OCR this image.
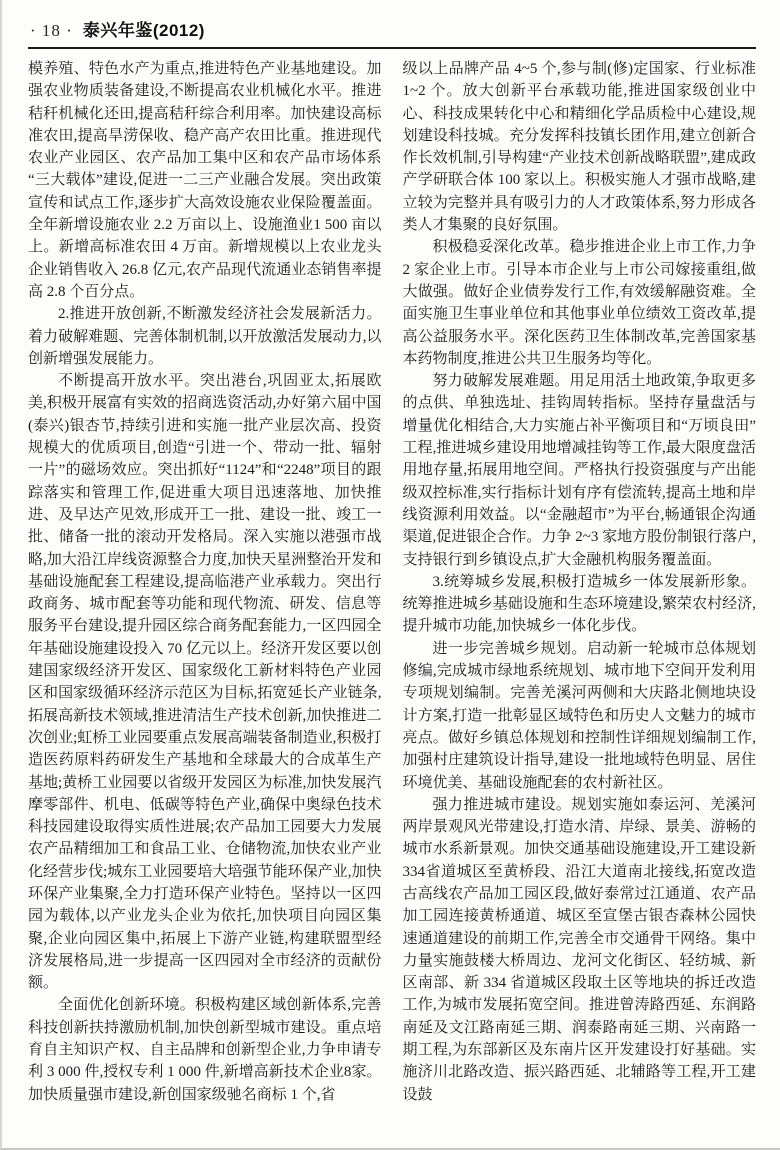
· 18 · 泰兴年鉴(2012)

模养殖、特色水产为重点,推进特色产业基地建设。加强农业物质装备建设,不断提高农业机械化水平。推进秸秆机械化还田,提高秸秆综合利用率。加快建设高标准农田,提高旱涝保收、稳产高产农田比重。推进现代农业产业园区、农产品加工集中区和农产品市场体系“三大载体”建设,促进一二三产业融合发展。突出政策宣传和试点工作,逐步扩大高效设施农业保险覆盖面。全年新增设施农业 2.2 万亩以上、设施渔业1 500 亩以上。新增高标准农田 4 万亩。新增规模以上农业龙头企业销售收入 26.8 亿元,农产品现代流通业态销售率提高 2.8 个百分点。

2.推进开放创新,不断激发经济社会发展新活力。着力破解难题、完善体制机制,以开放激活发展动力,以创新增强发展能力。

不断提高开放水平。突出港台,巩固亚太,拓展欧美,积极开展富有实效的招商选资活动,办好第六届中国(泰兴)银杏节,持续引进和实施一批产业层次高、投资规模大的优质项目,创造“引进一个、带动一批、辐射一片”的磁场效应。突出抓好“1124”和“2248”项目的跟踪落实和管理工作,促进重大项目迅速落地、加快推进、及早达产见效,形成开工一批、建设一批、竣工一批、储备一批的滚动开发格局。深入实施以港强市战略,加大沿江岸线资源整合力度,加快天星洲整治开发和基础设施配套工程建设,提高临港产业承载力。突出行政商务、城市配套等功能和现代物流、研发、信息等服务平台建设,提升园区综合商务配套能力,一区四园全年基础设施建设投入 70 亿元以上。经济开发区要以创建国家级经济开发区、国家级化工新材料特色产业园区和国家级循环经济示范区为目标,拓宽延长产业链条,拓展高新技术领域,推进清洁生产技术创新,加快推进二次创业;虹桥工业园要重点发展高端装备制造业,积极打造医药原料药研发生产基地和全球最大的合成革生产基地;黄桥工业园要以省级开发园区为标准,加快发展汽摩零部件、机电、低碳等特色产业,确保中奥绿色技术科技园建设取得实质性进展;农产品加工园要大力发展农产品精细加工和食品工业、仓储物流,加快农业产业化经营步伐;城东工业园要培大培强节能环保产业,加快环保产业集聚,全力打造环保产业特色。坚持以一区四园为载体,以产业龙头企业为依托,加快项目向园区集聚,企业向园区集中,拓展上下游产业链,构建联盟型经济发展格局,进一步提高一区四园对全市经济的贡献份额。

全面优化创新环境。积极构建区域创新体系,完善科技创新扶持激励机制,加快创新型城市建设。重点培育自主知识产权、自主品牌和创新型企业,力争申请专利 3 000 件,授权专利 1 000 件,新增高新技术企业8家。加快质量强市建设,新创国家级驰名商标 1 个,省

级以上品牌产品 4~5 个,参与制(修)定国家、行业标准 1~2 个。放大创新平台承载功能,推进国家级创业中心、科技成果转化中心和精细化学品质检中心建设,规划建设科技城。充分发挥科技镇长团作用,建立创新合作长效机制,引导构建“产业技术创新战略联盟”,建成政产学研联合体 100 家以上。积极实施人才强市战略,建立较为完整并具有吸引力的人才政策体系,努力形成各类人才集聚的良好氛围。

积极稳妥深化改革。稳步推进企业上市工作,力争2 家企业上市。引导本市企业与上市公司嫁接重组,做大做强。做好企业债券发行工作,有效缓解融资难。全面实施卫生事业单位和其他事业单位绩效工资改革,提高公益服务水平。深化医药卫生体制改革,完善国家基本药物制度,推进公共卫生服务均等化。

努力破解发展难题。用足用活土地政策,争取更多的点供、单独选址、挂钩周转指标。坚持存量盘活与增量优化相结合,大力实施占补平衡项目和“万顷良田”工程,推进城乡建设用地增减挂钩等工作,最大限度盘活用地存量,拓展用地空间。严格执行投资强度与产出能级双控标准,实行指标计划有序有偿流转,提高土地和岸线资源利用效益。以“金融超市”为平台,畅通银企沟通渠道,促进银企合作。力争 2~3 家地方股份制银行落户,支持银行到乡镇设点,扩大金融机构服务覆盖面。

3.统筹城乡发展,积极打造城乡一体发展新形象。统筹推进城乡基础设施和生态环境建设,繁荣农村经济,提升城市功能,加快城乡一体化步伐。

进一步完善城乡规划。启动新一轮城市总体规划修编,完成城市绿地系统规划、城市地下空间开发利用专项规划编制。完善羌溪河两侧和大庆路北侧地块设计方案,打造一批彰显区域特色和历史人文魅力的城市亮点。做好乡镇总体规划和控制性详细规划编制工作,加强村庄建筑设计指导,建设一批地域特色明显、居住环境优美、基础设施配套的农村新社区。

强力推进城市建设。规划实施如泰运河、羌溪河两岸景观风光带建设,打造水清、岸绿、景美、游畅的城市水系新景观。加快交通基础设施建设,开工建设新 334省道城区至黄桥段、沿江大道南北接线,拓宽改造古高线农产品加工园区段,做好泰常过江通道、农产品加工园连接黄桥通道、城区至宣堡古银杏森林公园快速通道建设的前期工作,完善全市交通骨干网络。集中力量实施鼓楼大桥周边、龙河文化街区、轻纺城、新区南部、新 334 省道城区段取土区等地块的拆迁改造工作,为城市发展拓宽空间。推进曾涛路西延、东润路南延及文江路南延三期、润泰路南延三期、兴南路一期工程,为东部新区及东南片区开发建设打好基础。实施济川北路改造、振兴路西延、北辅路等工程,开工建设鼓
